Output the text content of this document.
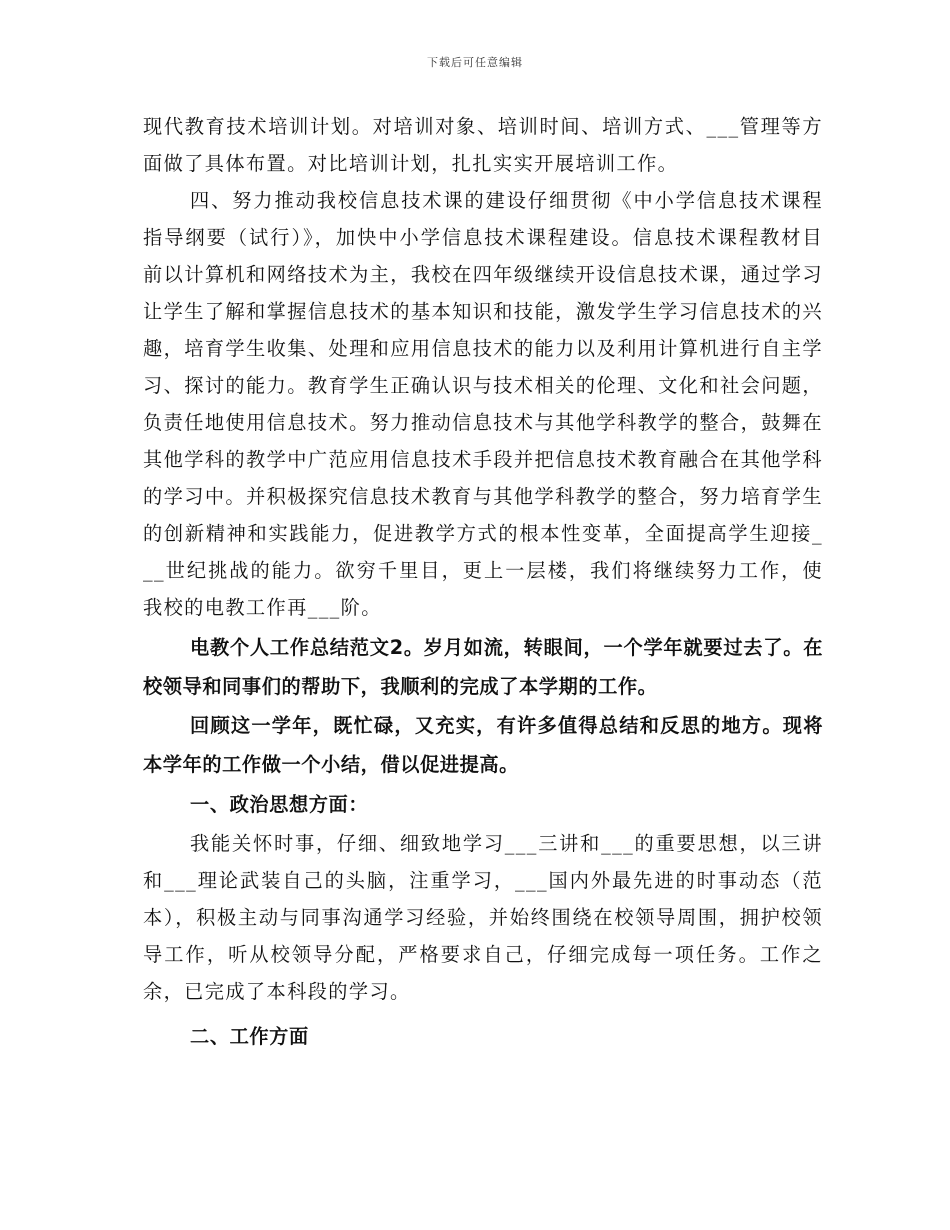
下载后可任意编辑

现代教育技术培训计划。对培训对象、培训时间、培训方式、___管理等方面做了具体布置。对比培训计划，扎扎实实开展培训工作。

四、努力推动我校信息技术课的建设仔细贯彻《中小学信息技术课程指导纲要（试行）》，加快中小学信息技术课程建设。信息技术课程教材目前以计算机和网络技术为主，我校在四年级继续开设信息技术课，通过学习让学生了解和掌握信息技术的基本知识和技能，激发学生学习信息技术的兴趣，培育学生收集、处理和应用信息技术的能力以及利用计算机进行自主学习、探讨的能力。教育学生正确认识与技术相关的伦理、文化和社会问题，负责任地使用信息技术。努力推动信息技术与其他学科教学的整合，鼓舞在其他学科的教学中广范应用信息技术手段并把信息技术教育融合在其他学科的学习中。并积极探究信息技术教育与其他学科教学的整合，努力培育学生的创新精神和实践能力，促进教学方式的根本性变革，全面提高学生迎接___世纪挑战的能力。欲穷千里目，更上一层楼，我们将继续努力工作，使我校的电教工作再___阶。

电教个人工作总结范文2。岁月如流，转眼间，一个学年就要过去了。在校领导和同事们的帮助下，我顺利的完成了本学期的工作。

回顾这一学年，既忙碌，又充实，有许多值得总结和反思的地方。现将本学年的工作做一个小结，借以促进提高。

一、政治思想方面：

我能关怀时事，仔细、细致地学习___三讲和___的重要思想，以三讲和___理论武装自己的头脑，注重学习，___国内外最先进的时事动态（范本），积极主动与同事沟通学习经验，并始终围绕在校领导周围，拥护校领导工作，听从校领导分配，严格要求自己，仔细完成每一项任务。工作之余，已完成了本科段的学习。

二、工作方面
